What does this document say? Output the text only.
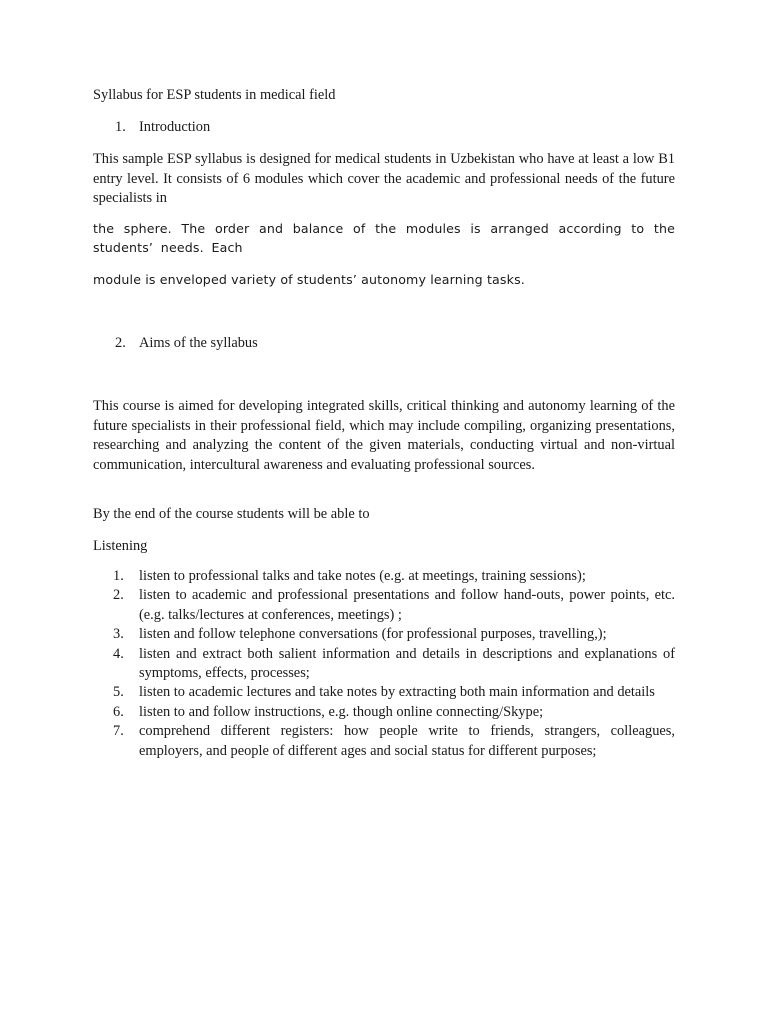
Syllabus for ESP students in medical field

1. Introduction

This sample ESP syllabus is designed for medical students in Uzbekistan who have at least a low B1 entry level. It consists of 6 modules which cover the academic and professional needs of the future specialists in

the sphere. The order and balance of the modules is arranged according to the students’ needs. Each

module is enveloped variety of students’ autonomy learning tasks.

2. Aims of the syllabus

This course is aimed for developing integrated skills, critical thinking and autonomy learning of the future specialists in their professional field, which may include compiling, organizing presentations, researching and analyzing the content of the given materials, conducting virtual and non-virtual communication, intercultural awareness and evaluating professional sources.

By the end of the course students will be able to

Listening

1. listen to professional talks and take notes (e.g. at meetings, training sessions);
2. listen to academic and professional presentations and follow hand-outs, power points, etc. (e.g. talks/lectures at conferences, meetings) ;
3. listen and follow telephone conversations (for professional purposes, travelling,);
4. listen and extract both salient information and details in descriptions and explanations of symptoms, effects, processes;
5. listen to academic lectures and take notes by extracting both main information and details
6. listen to and follow instructions, e.g. though online connecting/Skype;
7. comprehend different registers: how people write to friends, strangers, colleagues, employers, and people of different ages and social status for different purposes;
